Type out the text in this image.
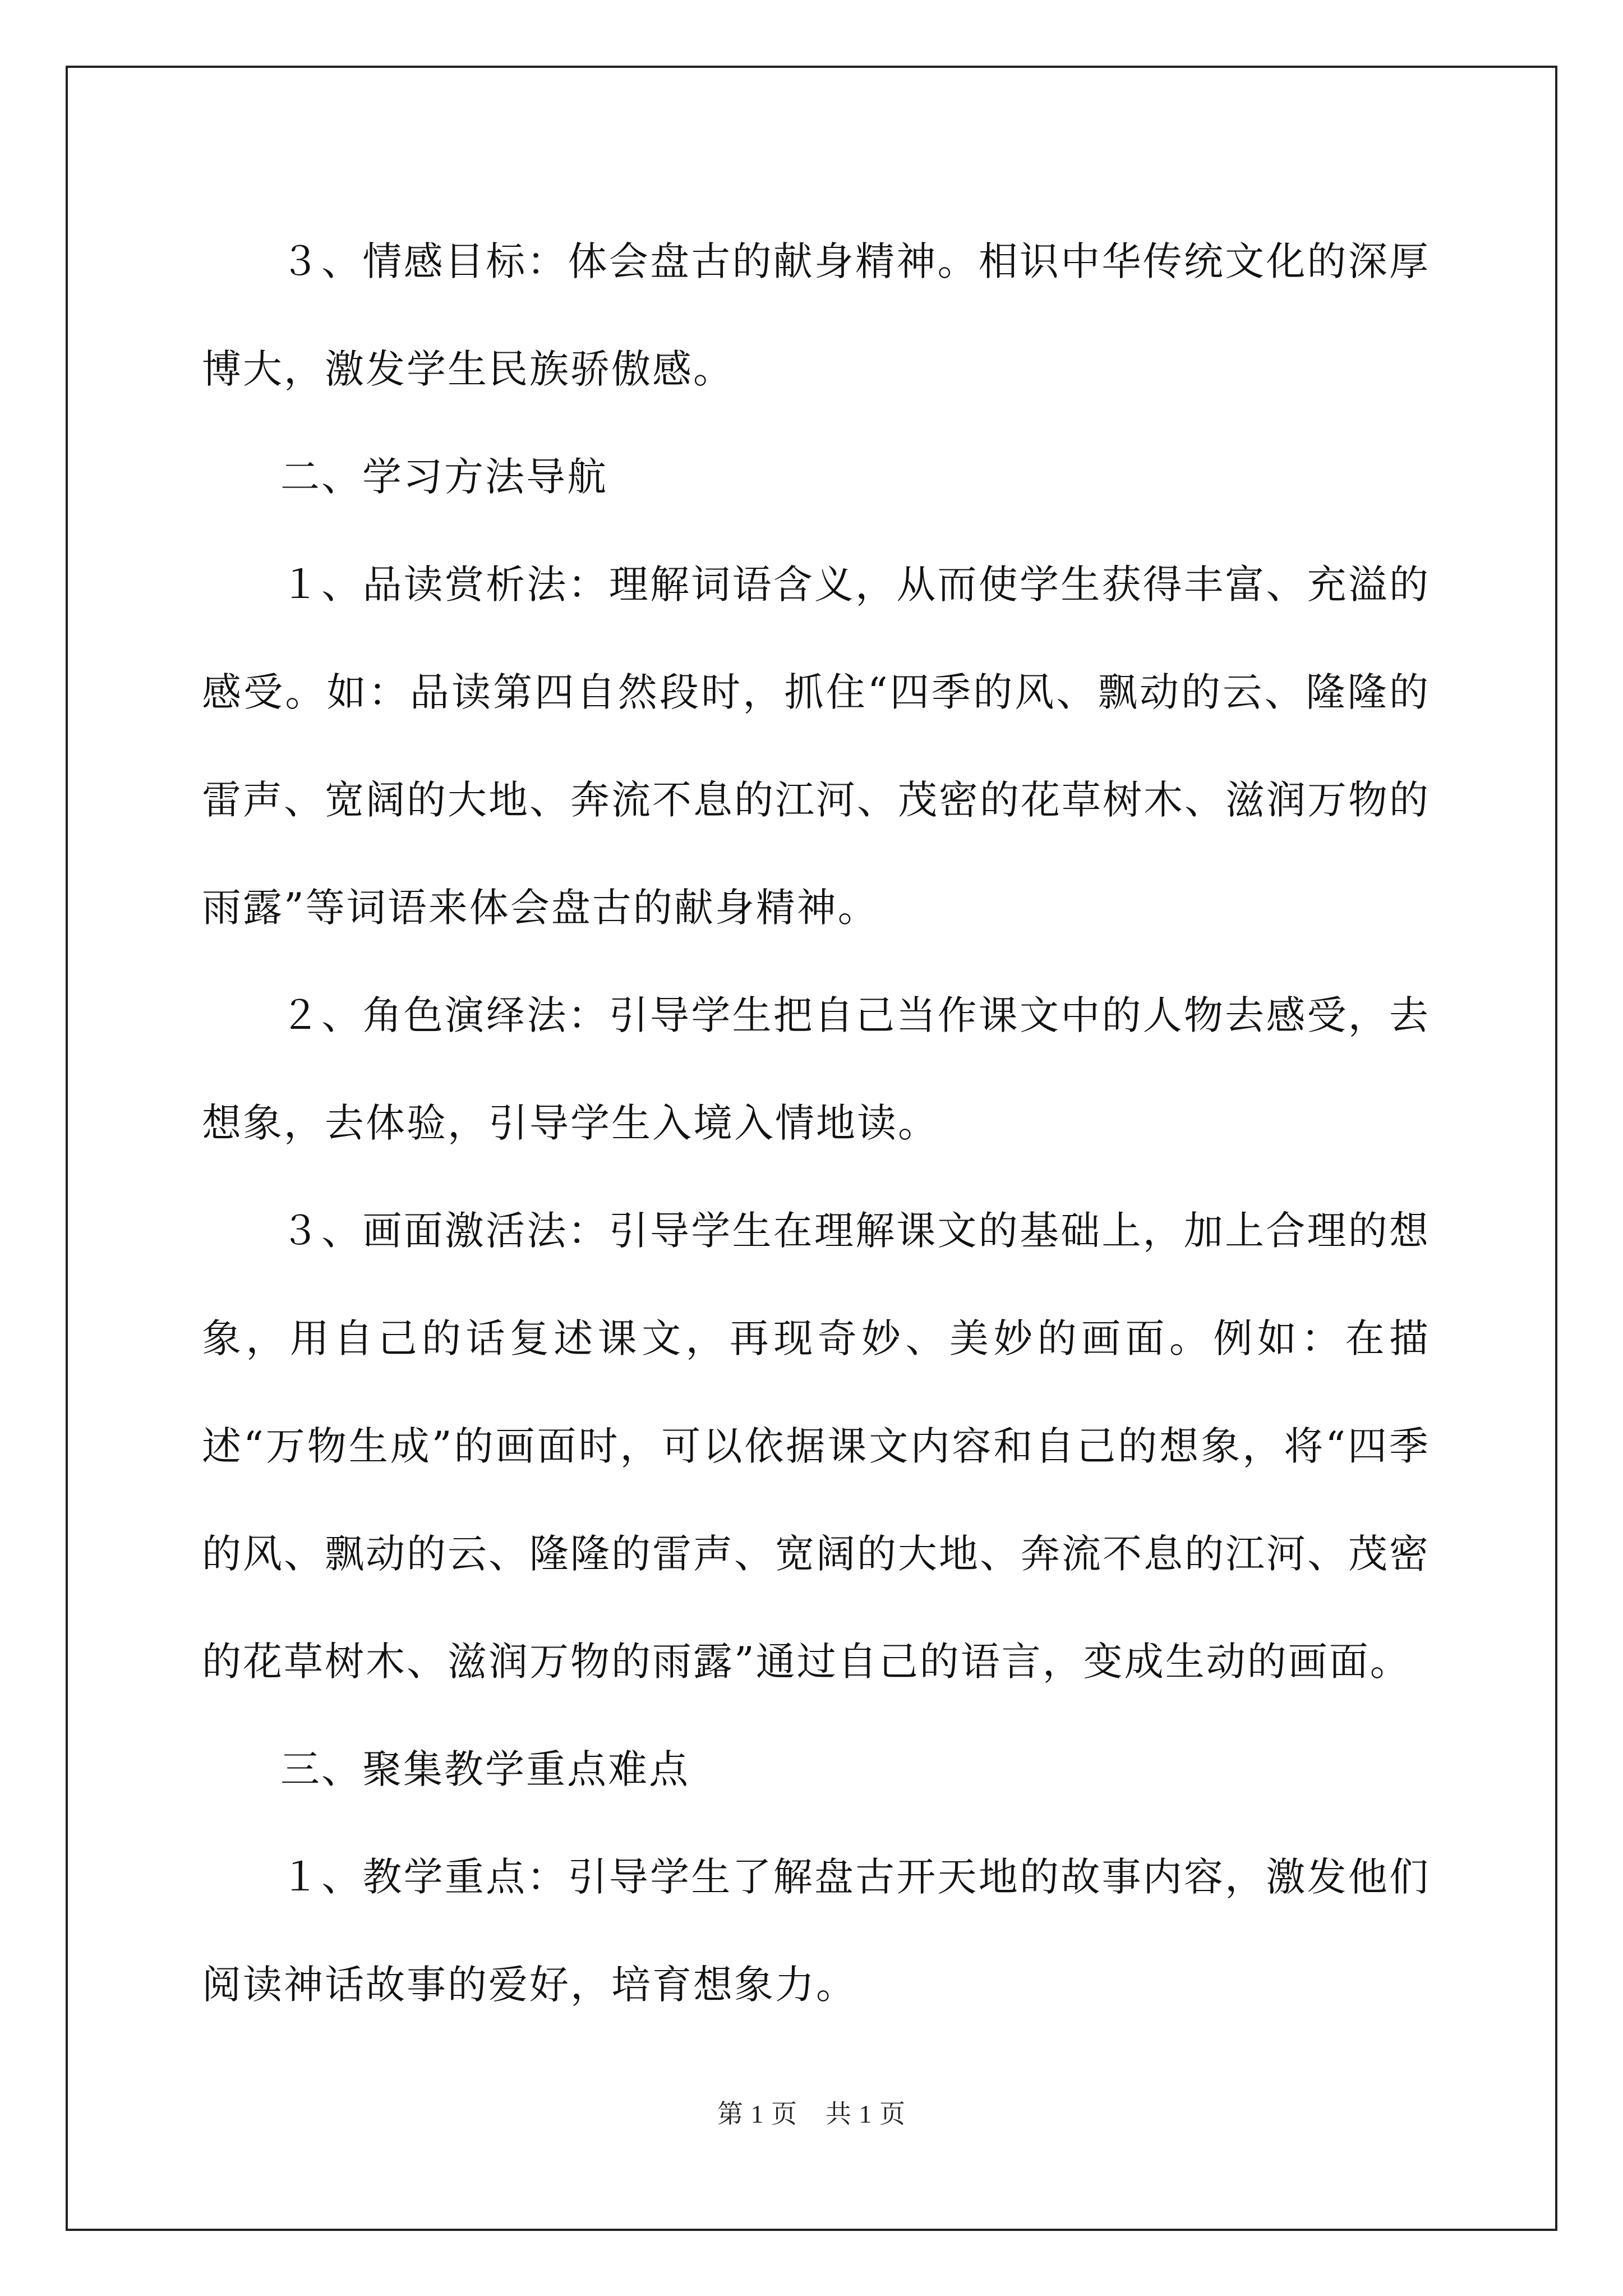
３、情感目标：体会盘古的献身精神。相识中华传统文化的深厚博大，激发学生民族骄傲感。

二、学习方法导航

１、品读赏析法：理解词语含义，从而使学生获得丰富、充溢的感受。如：品读第四自然段时，抓住“四季的风、飘动的云、隆隆的雷声、宽阔的大地、奔流不息的江河、茂密的花草树木、滋润万物的雨露”等词语来体会盘古的献身精神。

２、角色演绎法：引导学生把自己当作课文中的人物去感受，去想象，去体验，引导学生入境入情地读。

３、画面激活法：引导学生在理解课文的基础上，加上合理的想象，用自己的话复述课文，再现奇妙、美妙的画面。例如：在描述“万物生成”的画面时，可以依据课文内容和自己的想象，将“四季的风、飘动的云、隆隆的雷声、宽阔的大地、奔流不息的江河、茂密的花草树木、滋润万物的雨露”通过自己的语言，变成生动的画面。

三、聚集教学重点难点

１、教学重点：引导学生了解盘古开天地的故事内容，激发他们阅读神话故事的爱好，培育想象力。

第 1 页 共 1 页
